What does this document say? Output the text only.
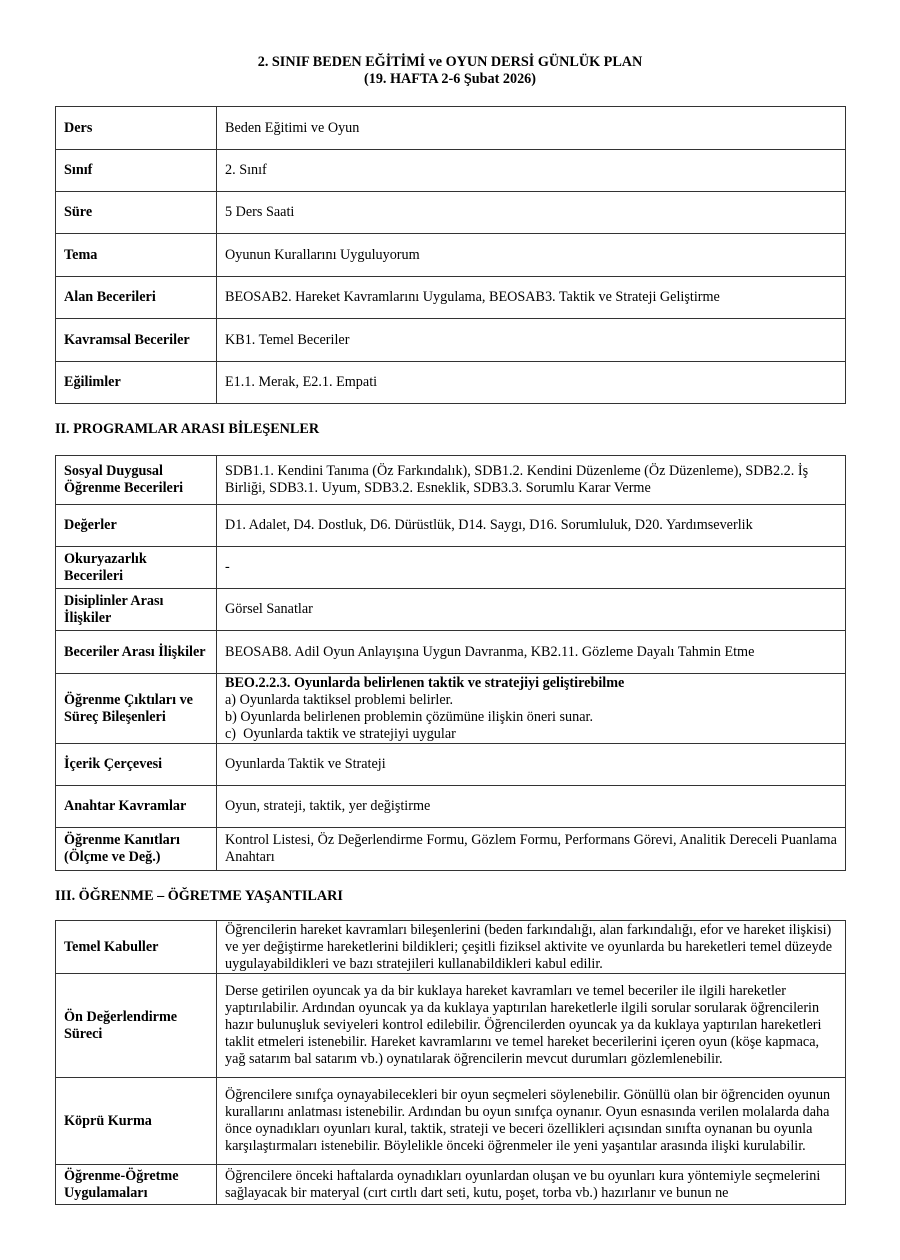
2. SINIF BEDEN EĞİTİMİ ve OYUN DERSİ GÜNLÜK PLAN
(19. HAFTA 2-6 Şubat 2026)
Ders	Beden Eğitimi ve Oyun
Sınıf	2. Sınıf
Süre	5 Ders Saati
Tema	Oyunun Kurallarını Uyguluyorum
Alan Becerileri	BEOSAB2. Hareket Kavramlarını Uygulama, BEOSAB3. Taktik ve Strateji Geliştirme
Kavramsal Beceriler	KB1. Temel Beceriler
Eğilimler	E1.1. Merak, E2.1. Empati
II. PROGRAMLAR ARASI BİLEŞENLER
Sosyal Duygusal Öğrenme Becerileri	SDB1.1. Kendini Tanıma (Öz Farkındalık), SDB1.2. Kendini Düzenleme (Öz Düzenleme), SDB2.2. İş Birliği, SDB3.1. Uyum, SDB3.2. Esneklik, SDB3.3. Sorumlu Karar Verme
Değerler	D1. Adalet, D4. Dostluk, D6. Dürüstlük, D14. Saygı, D16. Sorumluluk, D20. Yardımseverlik
Okuryazarlık Becerileri	-
Disiplinler Arası İlişkiler	Görsel Sanatlar
Beceriler Arası İlişkiler	BEOSAB8. Adil Oyun Anlayışına Uygun Davranma, KB2.11. Gözleme Dayalı Tahmin Etme
Öğrenme Çıktıları ve Süreç Bileşenleri	BEO.2.2.3. Oyunlarda belirlenen taktik ve stratejiyi geliştirebilme
a) Oyunlarda taktiksel problemi belirler.
b) Oyunlarda belirlenen problemin çözümüne ilişkin öneri sunar.
c)  Oyunlarda taktik ve stratejiyi uygular

İçerik Çerçevesi	Oyunlarda Taktik ve Strateji
Anahtar Kavramlar	Oyun, strateji, taktik, yer değiştirme
Öğrenme Kanıtları (Ölçme ve Değ.)	Kontrol Listesi, Öz Değerlendirme Formu, Gözlem Formu, Performans Görevi, Analitik Dereceli Puanlama Anahtarı
III. ÖĞRENME – ÖĞRETME YAŞANTILARI
Temel Kabuller	Öğrencilerin hareket kavramları bileşenlerini (beden farkındalığı, alan farkındalığı, efor ve hareket ilişkisi) ve yer değiştirme hareketlerini bildikleri; çeşitli fiziksel aktivite ve oyunlarda bu hareketleri temel düzeyde uygulayabildikleri ve bazı stratejileri kullanabildikleri kabul edilir.
Ön Değerlendirme Süreci	Derse getirilen oyuncak ya da bir kuklaya hareket kavramları ve temel beceriler ile ilgili hareketler yaptırılabilir. Ardından oyuncak ya da kuklaya yaptırılan hareketlerle ilgili sorular sorularak öğrencilerin hazır bulunuşluk seviyeleri kontrol edilebilir. Öğrencilerden oyuncak ya da kuklaya yaptırılan hareketleri taklit etmeleri istenebilir. Hareket kavramlarını ve temel hareket becerilerini içeren oyun (köşe kapmaca, yağ satarım bal satarım vb.) oynatılarak öğrencilerin mevcut durumları gözlemlenebilir.
Köprü Kurma	Öğrencilere sınıfça oynayabilecekleri bir oyun seçmeleri söylenebilir. Gönüllü olan bir öğrenciden oyunun kurallarını anlatması istenebilir. Ardından bu oyun sınıfça oynanır. Oyun esnasında verilen molalarda daha önce oynadıkları oyunları kural, taktik, strateji ve beceri özellikleri açısından sınıfta oynanan bu oyunla karşılaştırmaları istenebilir. Böylelikle önceki öğrenmeler ile yeni yaşantılar arasında ilişki kurulabilir.
Öğrenme-Öğretme Uygulamaları	Öğrencilere önceki haftalarda oynadıkları oyunlardan oluşan ve bu oyunları kura yöntemiyle seçmelerini sağlayacak bir materyal (cırt cırtlı dart seti, kutu, poşet, torba vb.) hazırlanır ve bunun ne
